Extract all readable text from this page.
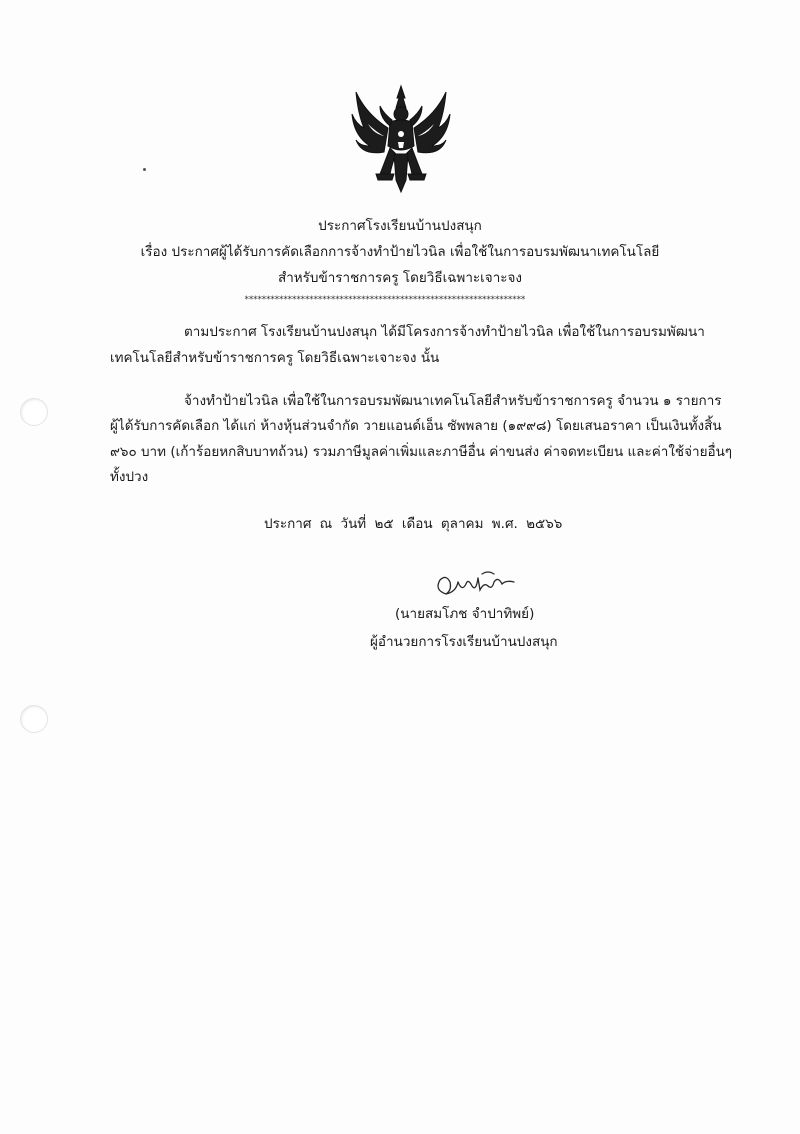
ประกาศโรงเรียนบ้านปงสนุก
เรื่อง ประกาศผู้ได้รับการคัดเลือกการจ้างทำป้ายไวนิล เพื่อใช้ในการอบรมพัฒนาเทคโนโลยี
สำหรับข้าราชการครู โดยวิธีเฉพาะเจาะจง
*****************************************************************
ตามประกาศ โรงเรียนบ้านปงสนุก ได้มีโครงการจ้างทำป้ายไวนิล เพื่อใช้ในการอบรมพัฒนา
เทคโนโลยีสำหรับข้าราชการครู โดยวิธีเฉพาะเจาะจง นั้น
จ้างทำป้ายไวนิล เพื่อใช้ในการอบรมพัฒนาเทคโนโลยีสำหรับข้าราชการครู จำนวน ๑ รายการ
ผู้ได้รับการคัดเลือก ได้แก่ ห้างหุ้นส่วนจำกัด วายแอนด์เอ็น ซัพพลาย (๑๙๙๘) โดยเสนอราคา เป็นเงินทั้งสิ้น
๙๖๐ บาท (เก้าร้อยหกสิบบาทถ้วน) รวมภาษีมูลค่าเพิ่มและภาษีอื่น ค่าขนส่ง ค่าจดทะเบียน และค่าใช้จ่ายอื่นๆ
ทั้งปวง
ประกาศ ณ วันที่ ๒๕ เดือน ตุลาคม พ.ศ. ๒๕๖๖
(นายสมโภช จำปาทิพย์)
ผู้อำนวยการโรงเรียนบ้านปงสนุก
